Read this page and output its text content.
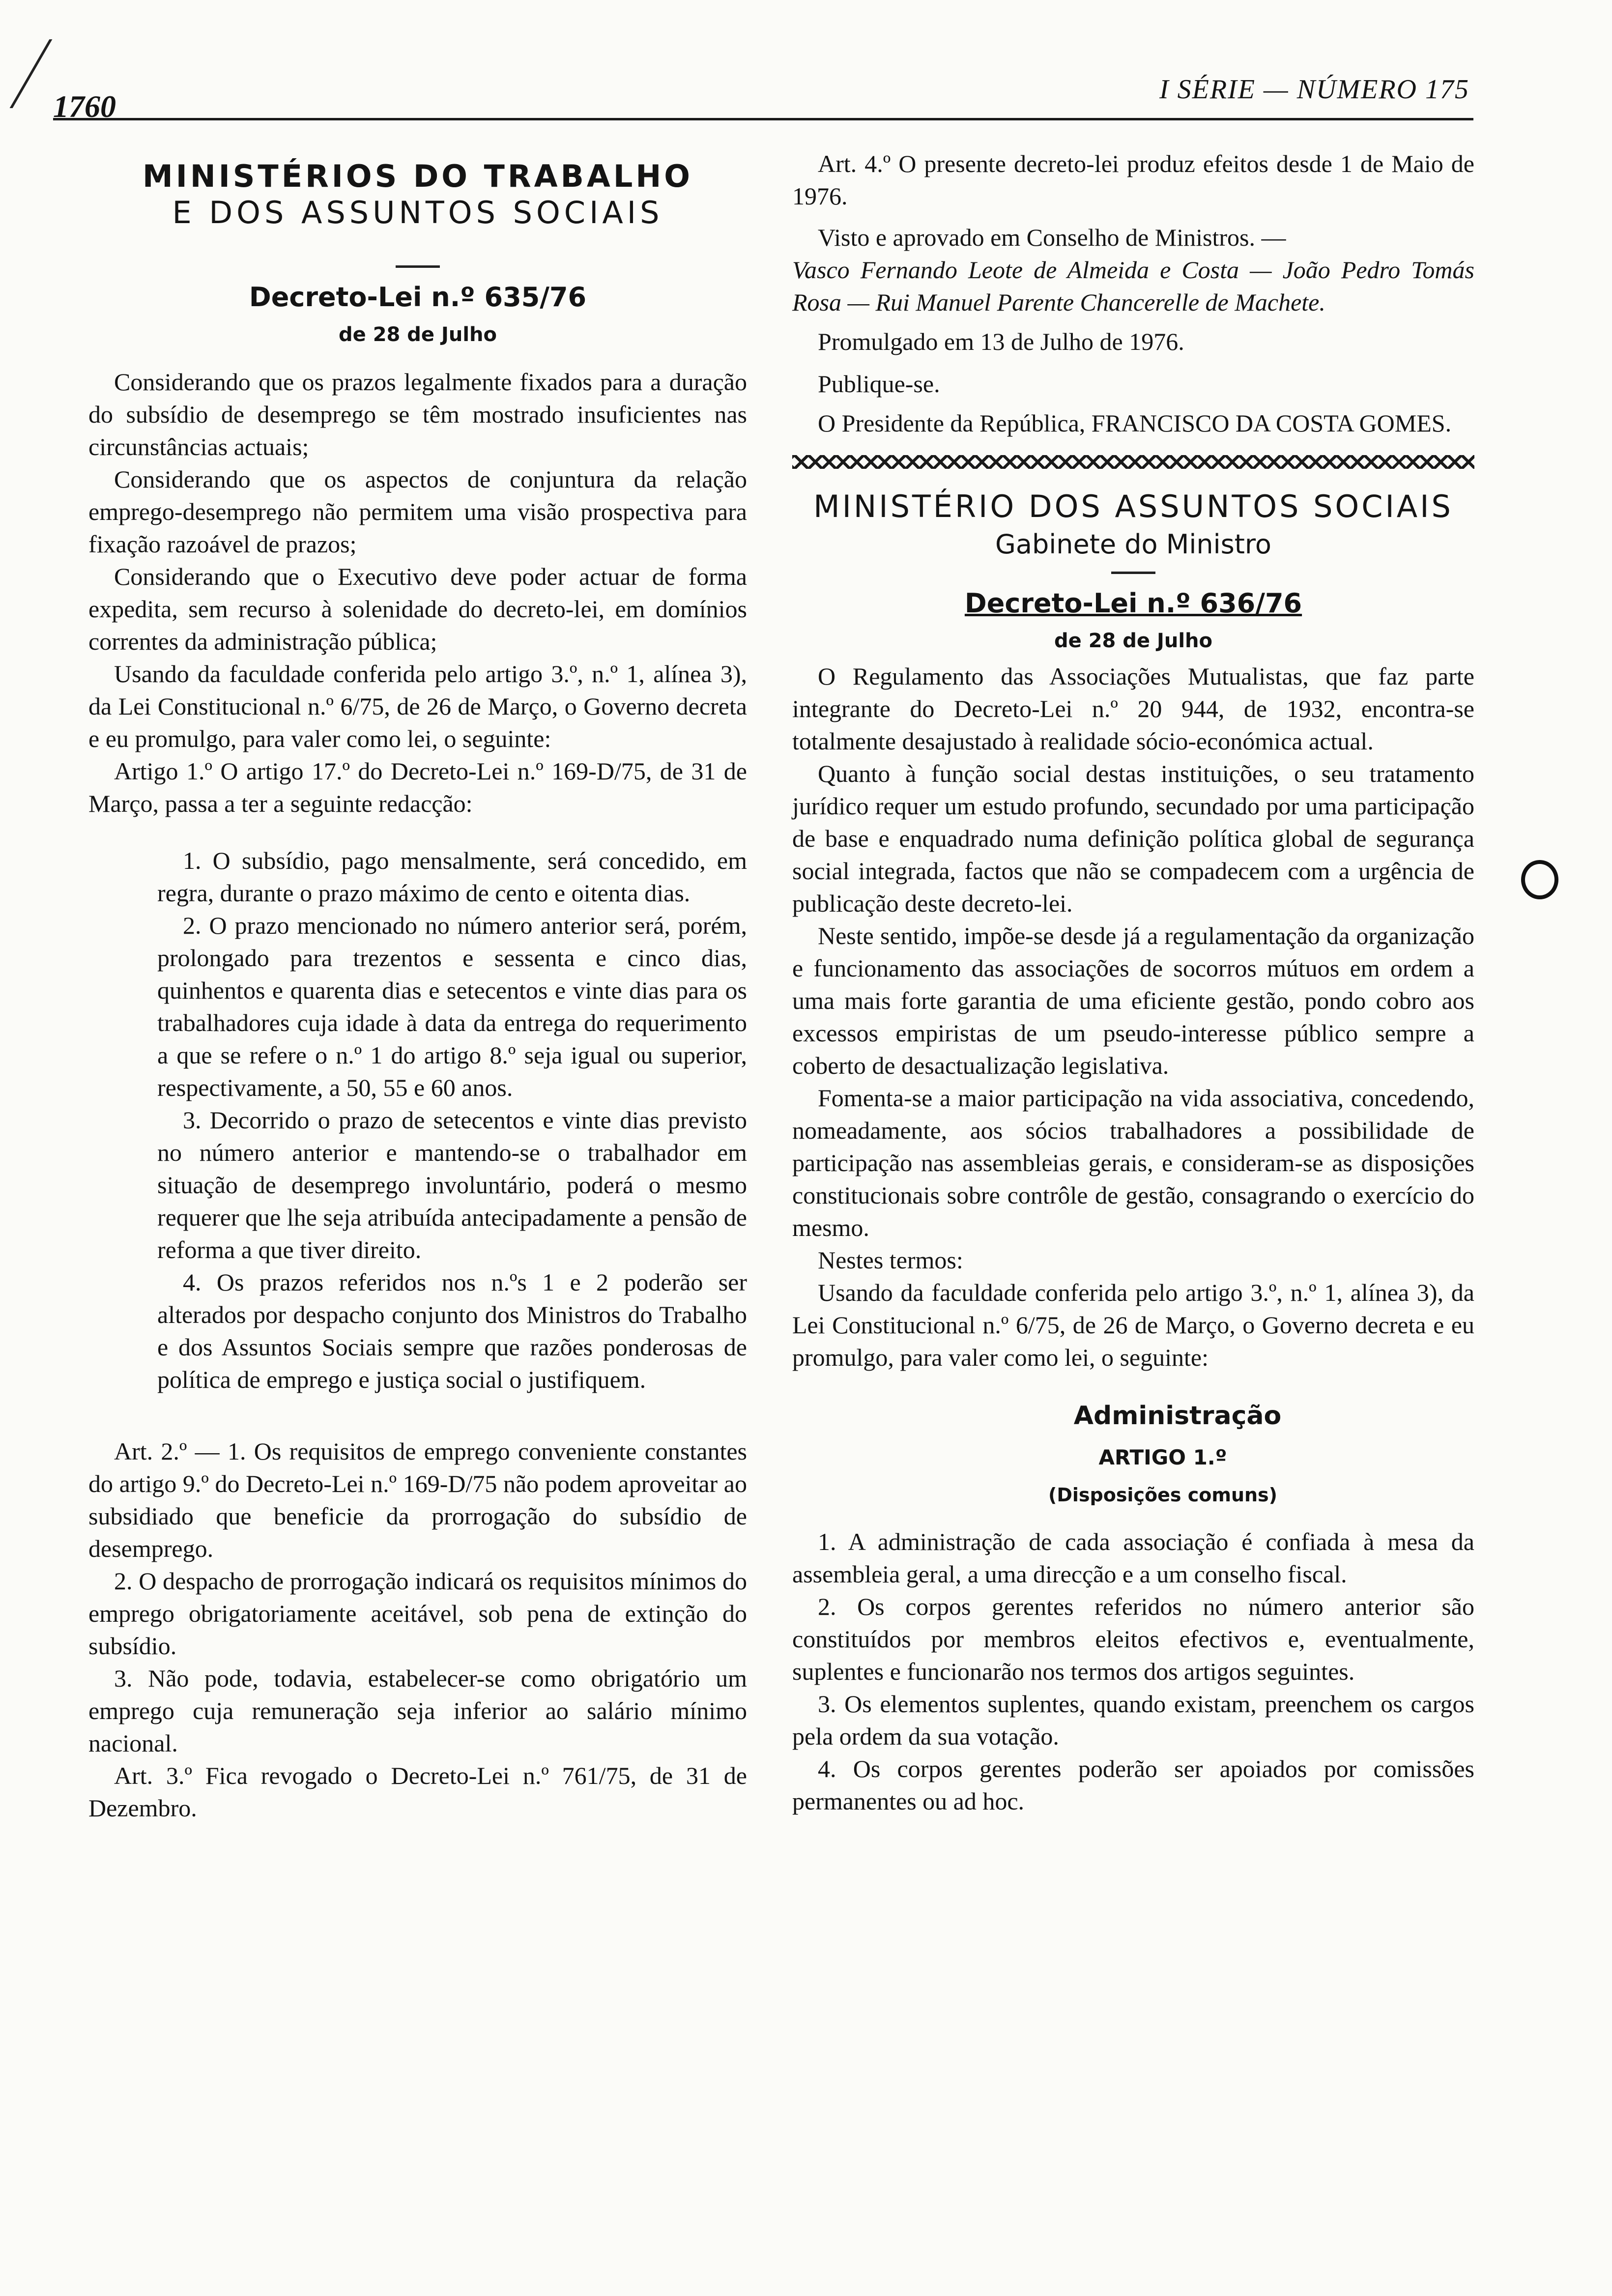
1760	I SÉRIE — NÚMERO 175
MINISTÉRIOS DO TRABALHO
E DOS ASSUNTOS SOCIAIS
Decreto-Lei n.º 635/76
de 28 de Julho

Considerando que os prazos legalmente fixados para a duração do subsídio de desemprego se têm mostrado insuficientes nas circunstâncias actuais;

Considerando que os aspectos de conjuntura da relação emprego-desemprego não permitem uma visão prospectiva para fixação razoável de prazos;

Considerando que o Executivo deve poder actuar de forma expedita, sem recurso à solenidade do decreto-lei, em domínios correntes da administração pública;

Usando da faculdade conferida pelo artigo 3.º, n.º 1, alínea 3), da Lei Constitucional n.º 6/75, de 26 de Março, o Governo decreta e eu promulgo, para valer como lei, o seguinte:

Artigo 1.º O artigo 17.º do Decreto-Lei n.º 169-D/75, de 31 de Março, passa a ter a seguinte redacção:

1. O subsídio, pago mensalmente, será concedido, em regra, durante o prazo máximo de cento e oitenta dias.

2. O prazo mencionado no número anterior será, porém, prolongado para trezentos e sessenta e cinco dias, quinhentos e quarenta dias e setecentos e vinte dias para os trabalhadores cuja idade à data da entrega do requerimento a que se refere o n.º 1 do artigo 8.º seja igual ou superior, respectivamente, a 50, 55 e 60 anos.

3. Decorrido o prazo de setecentos e vinte dias previsto no número anterior e mantendo-se o trabalhador em situação de desemprego involuntário, poderá o mesmo requerer que lhe seja atribuída antecipadamente a pensão de reforma a que tiver direito.

4. Os prazos referidos nos n.ºs 1 e 2 poderão ser alterados por despacho conjunto dos Ministros do Trabalho e dos Assuntos Sociais sempre que razões ponderosas de política de emprego e justiça social o justifiquem.

Art. 2.º — 1. Os requisitos de emprego conveniente constantes do artigo 9.º do Decreto-Lei n.º 169-D/75 não podem aproveitar ao subsidiado que beneficie da prorrogação do subsídio de desemprego.

2. O despacho de prorrogação indicará os requisitos mínimos do emprego obrigatoriamente aceitável, sob pena de extinção do subsídio.

3. Não pode, todavia, estabelecer-se como obrigatório um emprego cuja remuneração seja inferior ao salário mínimo nacional.

Art. 3.º Fica revogado o Decreto-Lei n.º 761/75, de 31 de Dezembro.

Art. 4.º O presente decreto-lei produz efeitos desde 1 de Maio de 1976.

Visto e aprovado em Conselho de Ministros. —

Vasco Fernando Leote de Almeida e Costa — João Pedro Tomás Rosa — Rui Manuel Parente Chancerelle de Machete.

Promulgado em 13 de Julho de 1976.

Publique-se.

O Presidente da República, FRANCISCO DA COSTA GOMES.

MINISTÉRIO DOS ASSUNTOS SOCIAIS
Gabinete do Ministro
Decreto-Lei n.º 636/76
de 28 de Julho

O Regulamento das Associações Mutualistas, que faz parte integrante do Decreto-Lei n.º 20 944, de 1932, encontra-se totalmente desajustado à realidade sócio-económica actual.

Quanto à função social destas instituições, o seu tratamento jurídico requer um estudo profundo, secundado por uma participação de base e enquadrado numa definição política global de segurança social integrada, factos que não se compadecem com a urgência de publicação deste decreto-lei.

Neste sentido, impõe-se desde já a regulamentação da organização e funcionamento das associações de socorros mútuos em ordem a uma mais forte garantia de uma eficiente gestão, pondo cobro aos excessos empiristas de um pseudo-interesse público sempre a coberto de desactualização legislativa.

Fomenta-se a maior participação na vida associativa, concedendo, nomeadamente, aos sócios trabalhadores a possibilidade de participação nas assembleias gerais, e consideram-se as disposições constitucionais sobre contrôle de gestão, consagrando o exercício do mesmo.

Nestes termos:

Usando da faculdade conferida pelo artigo 3.º, n.º 1, alínea 3), da Lei Constitucional n.º 6/75, de 26 de Março, o Governo decreta e eu promulgo, para valer como lei, o seguinte:

Administração
ARTIGO 1.º
(Disposições comuns)

1. A administração de cada associação é confiada à mesa da assembleia geral, a uma direcção e a um conselho fiscal.

2. Os corpos gerentes referidos no número anterior são constituídos por membros eleitos efectivos e, eventualmente, suplentes e funcionarão nos termos dos artigos seguintes.

3. Os elementos suplentes, quando existam, preenchem os cargos pela ordem da sua votação.

4. Os corpos gerentes poderão ser apoiados por comissões permanentes ou ad hoc.
